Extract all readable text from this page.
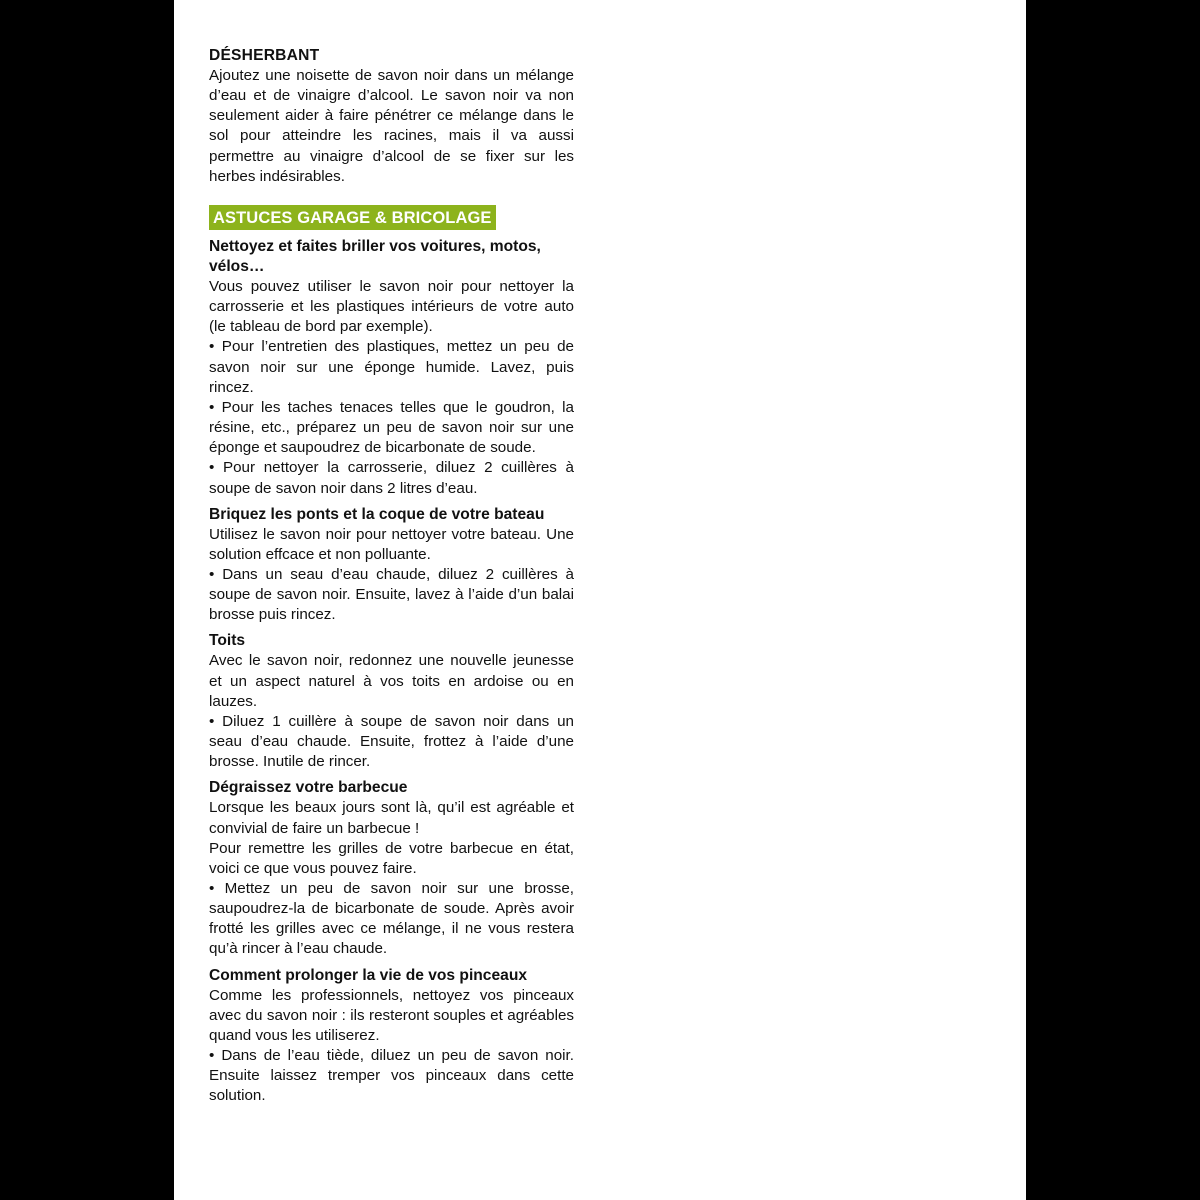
DÉSHERBANT

Ajoutez une noisette de savon noir dans un mélange d’eau et de vinaigre d’alcool. Le savon noir va non seulement aider à faire pénétrer ce mélange dans le sol pour atteindre les racines, mais il va aussi permettre au vinaigre d’alcool de se fixer sur les herbes indésirables.

ASTUCES GARAGE & BRICOLAGE
Nettoyez et faites briller vos voitures, motos, vélos…

Vous pouvez utiliser le savon noir pour nettoyer la carrosserie et les plastiques intérieurs de votre auto (le tableau de bord par exemple).

• Pour l’entretien des plastiques, mettez un peu de savon noir sur une éponge humide. Lavez, puis rincez.

• Pour les taches tenaces telles que le goudron, la résine, etc., préparez un peu de savon noir sur une éponge et saupoudrez de bicarbonate de soude.

• Pour nettoyer la carrosserie, diluez 2 cuillères à soupe de savon noir dans 2 litres d’eau.

Briquez les ponts et la coque de votre bateau

Utilisez le savon noir pour nettoyer votre bateau. Une solution effcace et non polluante.

• Dans un seau d’eau chaude, diluez 2 cuillères à soupe de savon noir. Ensuite, lavez à l’aide d’un balai brosse puis rincez.

Toits

Avec le savon noir, redonnez une nouvelle jeunesse et un aspect naturel à vos toits en ardoise ou en lauzes.

• Diluez 1 cuillère à soupe de savon noir dans un seau d’eau chaude. Ensuite, frottez à l’aide d’une brosse. Inutile de rincer.

Dégraissez votre barbecue

Lorsque les beaux jours sont là, qu’il est agréable et convivial de faire un barbecue !

Pour remettre les grilles de votre barbecue en état, voici ce que vous pouvez faire.

• Mettez un peu de savon noir sur une brosse, saupoudrez-la de bicarbonate de soude. Après avoir frotté les grilles avec ce mélange, il ne vous restera qu’à rincer à l’eau chaude.

Comment prolonger la vie de vos pinceaux

Comme les professionnels, nettoyez vos pinceaux avec du savon noir : ils resteront souples et agréables quand vous les utiliserez.

• Dans de l’eau tiède, diluez un peu de savon noir. Ensuite laissez tremper vos pinceaux dans cette solution.
